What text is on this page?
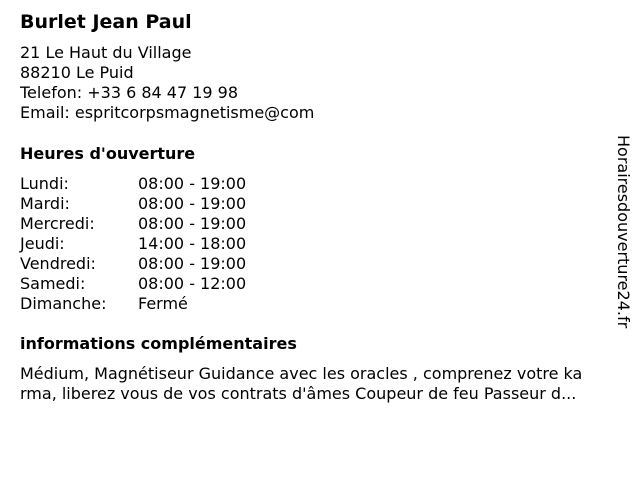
Burlet Jean Paul
21 Le Haut du Village
88210 Le Puid
Telefon: +33 6 84 47 19 98
Email: espritcorpsmagnetisme@com
Heures d'ouverture
Lundi:	08:00 - 19:00
Mardi:	08:00 - 19:00
Mercredi:	08:00 - 19:00
Jeudi:	14:00 - 18:00
Vendredi:	08:00 - 19:00
Samedi:	08:00 - 12:00
Dimanche: Fermé
informations complémentaires
Médium, Magnétiseur Guidance avec les oracles , comprenez votre ka
rma, liberez vous de vos contrats d'âmes Coupeur de feu Passeur d...
Horairesdouverture24.fr
